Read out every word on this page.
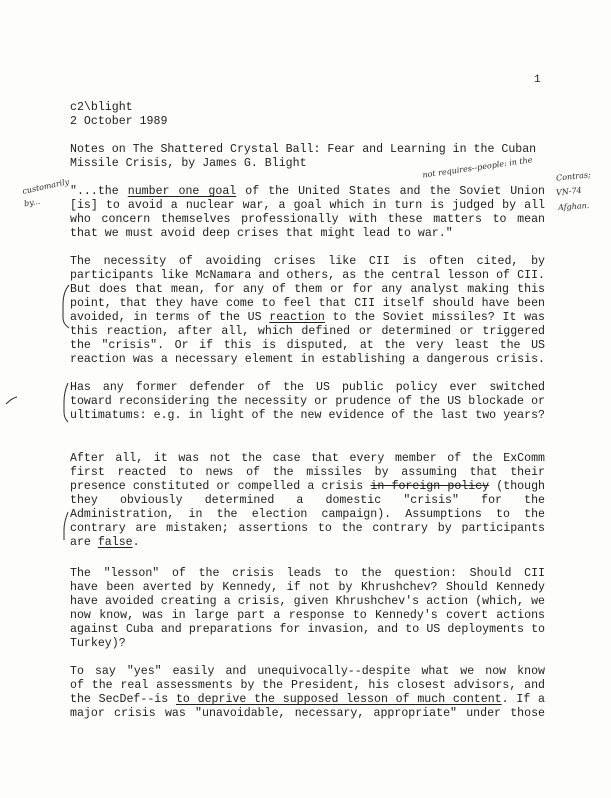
1
c2\blight
2 October 1989
Notes on The Shattered Crystal Ball: Fear and Learning in the Cuban
Missile Crisis, by James G. Blight
"...the number one goal of the United States and the Soviet Union
[is] to avoid a nuclear war, a goal which in turn is judged by all
who concern themselves professionally with these matters to mean
that we must avoid deep crises that might lead to war."
The necessity of avoiding crises like CII is often cited, by
participants like McNamara and others, as the central lesson of CII.
But does that mean, for any of them or for any analyst making this
point, that they have come to feel that CII itself should have been
avoided, in terms of the US reaction to the Soviet missiles? It was
this reaction, after all, which defined or determined or triggered
the "crisis". Or if this is disputed, at the very least the US
reaction was a necessary element in establishing a dangerous crisis.
Has any former defender of the US public policy ever switched
toward reconsidering the necessity or prudence of the US blockade or
ultimatums: e.g. in light of the new evidence of the last two years?
After all, it was not the case that every member of the ExComm
first reacted to news of the missiles by assuming that their
presence constituted or compelled a crisis in foreign policy (though
they obviously determined a domestic "crisis" for the
Administration, in the election campaign). Assumptions to the
contrary are mistaken; assertions to the contrary by participants
are false.
The "lesson" of the crisis leads to the question: Should CII
have been averted by Kennedy, if not by Khrushchev? Should Kennedy
have avoided creating a crisis, given Khrushchev's action (which, we
now know, was in large part a response to Kennedy's covert actions
against Cuba and preparations for invasion, and to US deployments to
Turkey)?
To say "yes" easily and unequivocally--despite what we now know
of the real assessments by the President, his closest advisors, and
the SecDef--is to deprive the supposed lesson of much content. If a
major crisis was "unavoidable, necessary, appropriate" under those
customarily
by...
not requires--people: in the	Contras;
VN-74
Afghan.
